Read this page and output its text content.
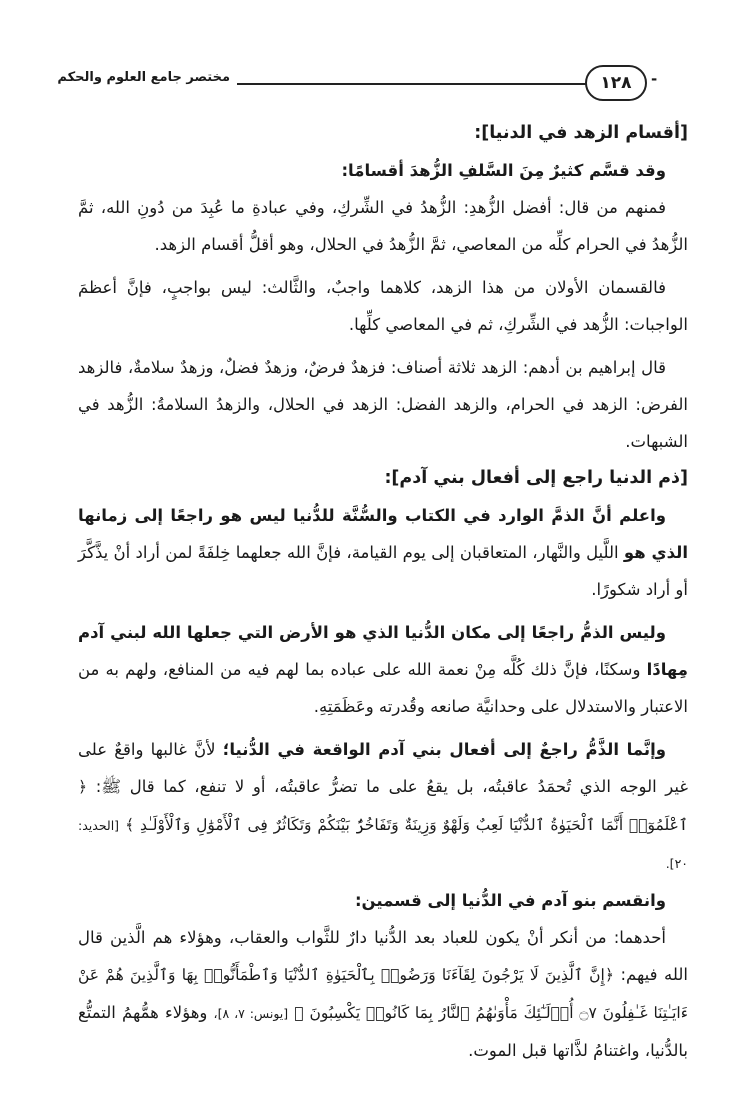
مختصر جامع العلوم والحكم	١٢٨ -

[أقسام الزهد في الدنيا]:

وقد قسَّم كثيرٌ مِنَ السَّلفِ الزُّهدَ أقسامًا:

فمنهم من قال: أفضل الزُّهدِ: الزُّهدُ في الشِّركِ، وفي عبادةِ ما عُبِدَ من دُونِ الله، ثمَّ الزُّهدُ في الحرام كلِّه من المعاصي، ثمَّ الزُّهدُ في الحلال، وهو أقلُّ أقسام الزهد.

فالقسمان الأولان من هذا الزهد، كلاهما واجبٌ، والثَّالث: ليس بواجبٍ، فإنَّ أعظمَ الواجبات: الزُّهد في الشِّركِ، ثم في المعاصي كلِّها.

قال إبراهيم بن أدهم: الزهد ثلاثة أصناف: فزهدٌ فرضٌ، وزهدٌ فضلٌ، وزهدٌ سلامةٌ، فالزهد الفرض: الزهد في الحرام، والزهد الفضل: الزهد في الحلال، والزهدُ السلامةُ: الزُّهد في الشبهات.

[ذم الدنيا راجع إلى أفعال بني آدم]:

واعلم أنَّ الذمَّ الوارد في الكتاب والسُّنَّة للدُّنيا ليس هو راجعًا إلى زمانها الذي هو اللَّيل والنَّهار، المتعاقبان إلى يوم القيامة، فإنَّ الله جعلهما خِلفَةً لمن أراد أنْ يذَّكَّرَ أو أراد شكورًا.

وليس الذمُّ راجعًا إلى مكان الدُّنيا الذي هو الأرض التي جعلها الله لبني آدم مِهادًا وسكنًا، فإنَّ ذلك كُلَّه مِنْ نعمة الله على عباده بما لهم فيه من المنافع، ولهم به من الاعتبار والاستدلال على وحدانيَّة صانعه وقُدرته وعَظَمَتِهِ.

وإنَّما الذَّمُّ راجعٌ إلى أفعال بني آدم الواقعة في الدُّنيا؛ لأنَّ غالبها واقعٌ على غير الوجه الذي تُحمَدُ عاقبتُه، بل يقعُ على ما تضرُّ عاقبتُه، أو لا تنفع، كما قال ﷺ: ﴿ ٱعْلَمُوٓا۟ أَنَّمَا ٱلْحَيَوٰةُ ٱلدُّنْيَا لَعِبٌ وَلَهْوٌ وَزِينَةٌ وَتَفَاخُرٌۢ بَيْنَكُمْ وَتَكَاثُرٌ فِى ٱلْأَمْوَٰلِ وَٱلْأَوْلَـٰدِ ﴾ [الحديد: ٢٠].

وانقسم بنو آدم في الدُّنيا إلى قسمين:

أحدهما: من أنكر أنْ يكون للعباد بعد الدُّنيا دارٌ للثَّواب والعقاب، وهؤلاء هم الَّذين قال الله فيهم: ﴿إِنَّ ٱلَّذِينَ لَا يَرْجُونَ لِقَآءَنَا وَرَضُوا۟ بِٱلْحَيَوٰةِ ٱلدُّنْيَا وَٱطْمَأَنُّوا۟ بِهَا وَٱلَّذِينَ هُمْ عَنْ ءَايَـٰتِنَا غَـٰفِلُونَ ۝٧ أُو۟لَـٰٓئِكَ مَأْوَىٰهُمُ ٱلنَّارُ بِمَا كَانُوا۟ يَكْسِبُونَ ﴾ [يونس: ٧، ٨]، وهؤلاء همُّهمُ التمتُّع بالدُّنيا، واغتنامُ لذَّاتها قبل الموت.
